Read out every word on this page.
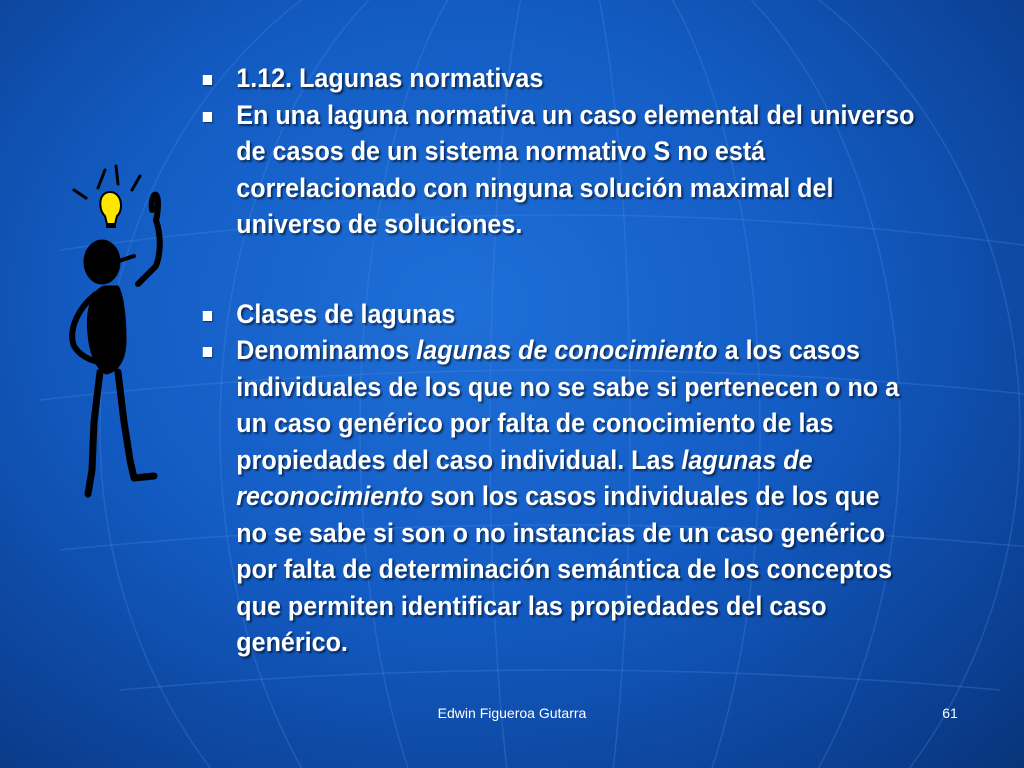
1.12. Lagunas normativas
En una laguna normativa un caso elemental del universo de casos de un sistema normativo S no está correlacionado con ninguna solución maximal del universo de soluciones.
Clases de lagunas
Denominamos lagunas de conocimiento a los casos individuales de los que no se sabe si pertenecen o no a un caso genérico por falta de conocimiento de las propiedades del caso individual. Las lagunas de reconocimiento son los casos individuales de los que no se sabe si son o no instancias de un caso genérico por falta de determinación semántica de los conceptos que permiten identificar las propiedades del caso genérico.
Edwin Figueroa Gutarra	61
